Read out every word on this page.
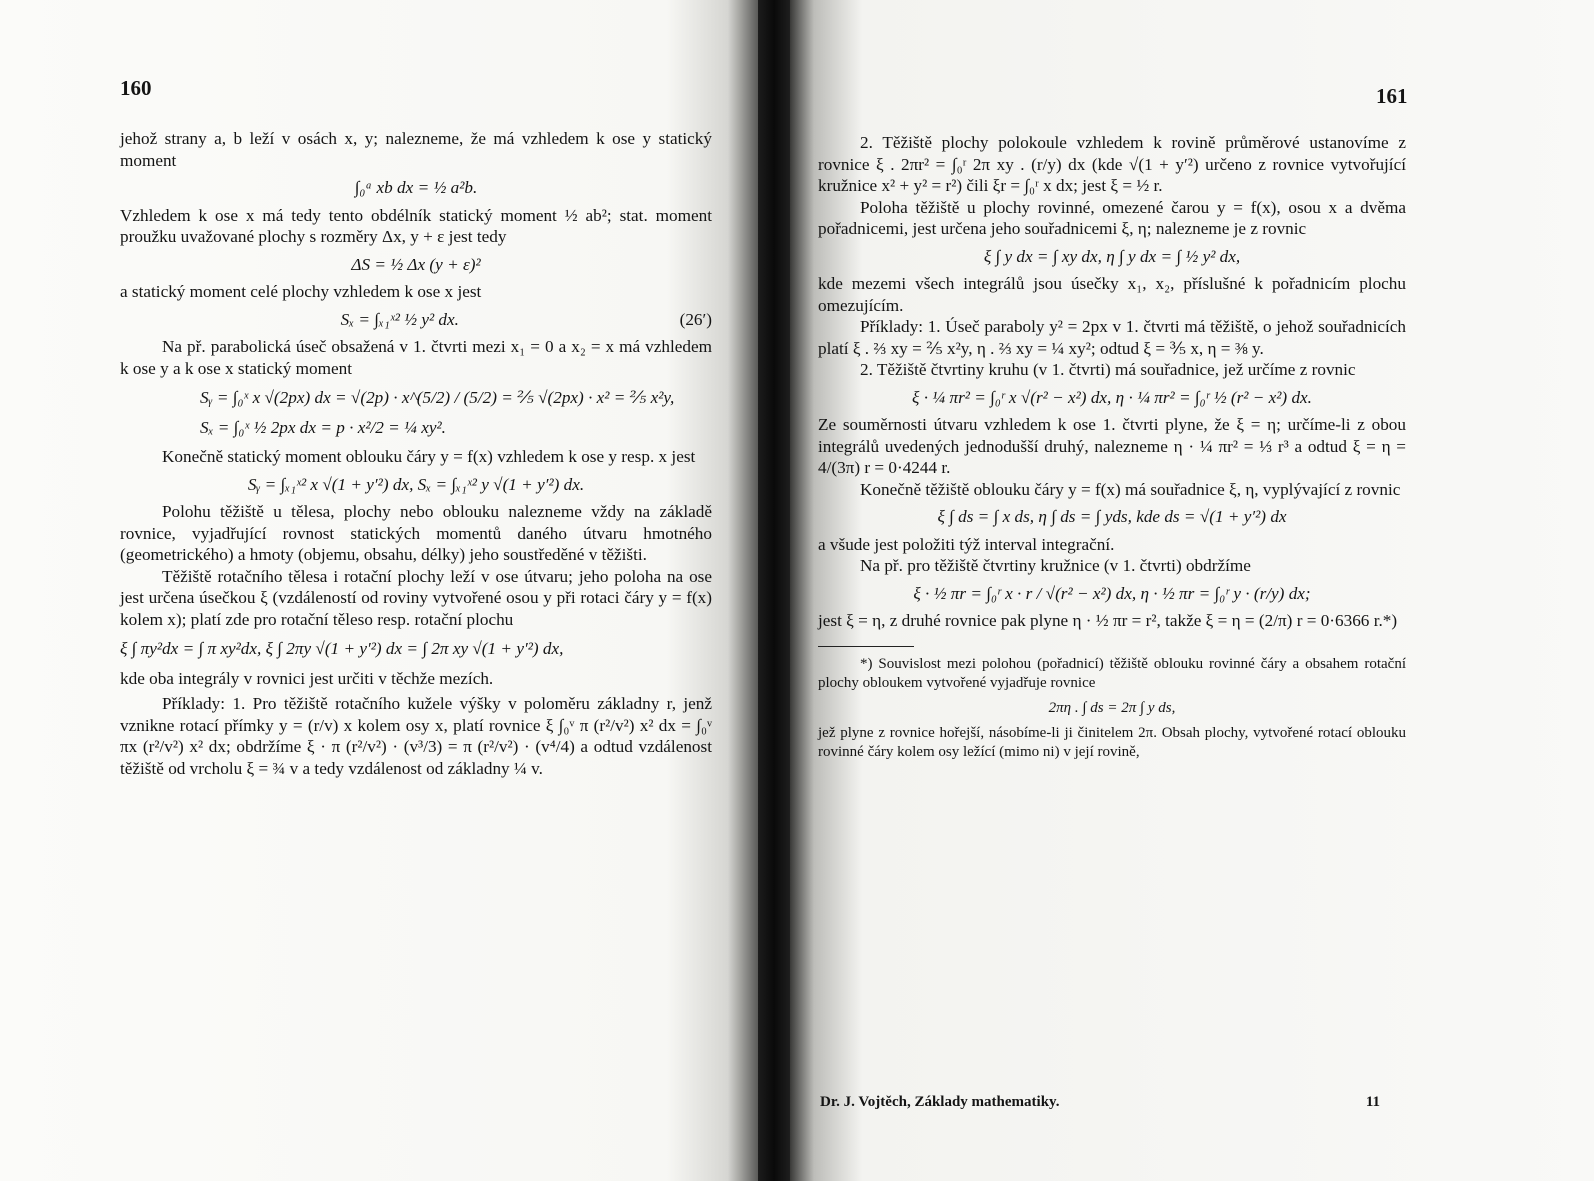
160

jehož strany a, b leží v osách x, y; nalezneme, že má vzhledem k ose y statický moment

∫₀ᵃ xb dx = ½ a²b.

Vzhledem k ose x má tedy tento obdélník statický moment ½ ab²; stat. moment proužku uvažované plochy s rozměry Δx, y + ε jest tedy

ΔS = ½ Δx (y + ε)²

a statický moment celé plochy vzhledem k ose x jest

(26′)
Sₓ = ∫ₓ₁ˣ² ½ y² dx.

Na př. parabolická úseč obsažená v 1. čtvrti mezi x₁ = 0 a x₂ = x má vzhledem k ose y a k ose x statický moment

Sᵧ = ∫₀ˣ x √(2px) dx = √(2p) · x^(5/2) / (5/2) = ⅖ √(2px) · x² = ⅖ x²y,

Sₓ = ∫₀ˣ ½ 2px dx = p · x²/2 = ¼ xy².

Konečně statický moment oblouku čáry y = f(x) vzhledem k ose y resp. x jest

Sᵧ = ∫ₓ₁ˣ² x √(1 + y′²) dx, Sₓ = ∫ₓ₁ˣ² y √(1 + y′²) dx.

Polohu těžiště u tělesa, plochy nebo oblouku nalezneme vždy na základě rovnice, vyjadřující rovnost statických momentů daného útvaru hmotného (geometrického) a hmoty (objemu, obsahu, délky) jeho soustředěné v těžišti.

Těžiště rotačního tělesa i rotační plochy leží v ose útvaru; jeho poloha na ose jest určena úsečkou ξ (vzdáleností od roviny vytvořené osou y při rotaci čáry y = f(x) kolem x); platí zde pro rotační těleso resp. rotační plochu

ξ ∫ πy²dx = ∫ π xy²dx, ξ ∫ 2πy √(1 + y′²) dx = ∫ 2π xy √(1 + y′²) dx,

kde oba integrály v rovnici jest určiti v těchže mezích.

Příklady: 1. Pro těžiště rotačního kužele výšky v poloměru základny r, jenž vznikne rotací přímky y = (r/v) x kolem osy x, platí rovnice ξ ∫₀ᵛ π (r²/v²) x² dx = ∫₀ᵛ πx (r²/v²) x² dx; obdržíme ξ · π (r²/v²) · (v³/3) = π (r²/v²) · (v⁴/4) a odtud vzdálenost těžiště od vrcholu ξ = ¾ v a tedy vzdálenost od základny ¼ v.

161

2. Těžiště plochy polokoule vzhledem k rovině průměrové ustanovíme z rovnice ξ . 2πr² = ∫₀ʳ 2π xy . (r/y) dx (kde √(1 + y′²) určeno z rovnice vytvořující kružnice x² + y² = r²) čili ξr = ∫₀ʳ x dx; jest ξ = ½ r.

Poloha těžiště u plochy rovinné, omezené čarou y = f(x), osou x a dvěma pořadnicemi, jest určena jeho souřadnicemi ξ, η; nalezneme je z rovnic

ξ ∫ y dx = ∫ xy dx, η ∫ y dx = ∫ ½ y² dx,

kde mezemi všech integrálů jsou úsečky x₁, x₂, příslušné k pořadnicím plochu omezujícím.

Příklady: 1. Úseč paraboly y² = 2px v 1. čtvrti má těžiště, o jehož souřadnicích platí ξ . ⅔ xy = ⅖ x²y, η . ⅔ xy = ¼ xy²; odtud ξ = ⅗ x, η = ⅜ y.

2. Těžiště čtvrtiny kruhu (v 1. čtvrti) má souřadnice, jež určíme z rovnic

ξ · ¼ πr² = ∫₀ʳ x √(r² − x²) dx, η · ¼ πr² = ∫₀ʳ ½ (r² − x²) dx.

Ze souměrnosti útvaru vzhledem k ose 1. čtvrti plyne, že ξ = η; určíme-li z obou integrálů uvedených jednodušší druhý, nalezneme η · ¼ πr² = ⅓ r³ a odtud ξ = η = 4/(3π) r = 0·4244 r.

Konečně těžiště oblouku čáry y = f(x) má souřadnice ξ, η, vyplývající z rovnic

ξ ∫ ds = ∫ x ds, η ∫ ds = ∫ yds, kde ds = √(1 + y′²) dx

a všude jest položiti týž interval integrační.

Na př. pro těžiště čtvrtiny kružnice (v 1. čtvrti) obdržíme

ξ · ½ πr = ∫₀ʳ x · r / √(r² − x²) dx, η · ½ πr = ∫₀ʳ y · (r/y) dx;

jest ξ = η, z druhé rovnice pak plyne η · ½ πr = r², takže ξ = η = (2/π) r = 0·6366 r.*)

*) Souvislost mezi polohou (pořadnicí) těžiště oblouku rovinné čáry a obsahem rotační plochy obloukem vytvořené vyjadřuje rovnice

2πη . ∫ ds = 2π ∫ y ds,

jež plyne z rovnice hořejší, násobíme-li ji činitelem 2π. Obsah plochy, vytvořené rotací oblouku rovinné čáry kolem osy ležící (mimo ni) v její rovině,

Dr. J. Vojtěch, Základy mathematiky.	11
